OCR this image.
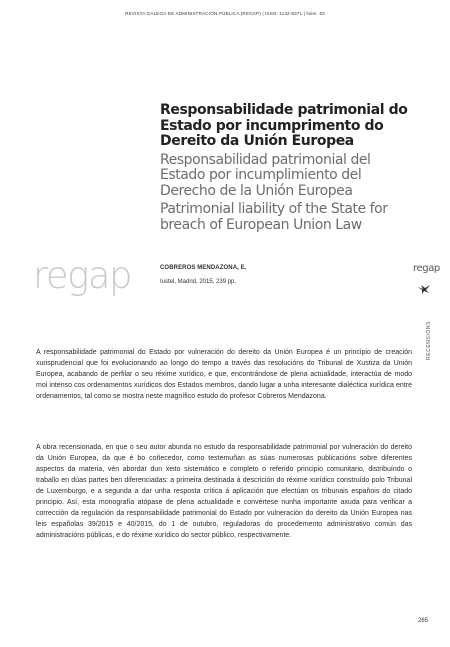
REVISTA GALEGA DE ADMINISTRACIÓN PÚBLICA (REGAP) | ISSN: 1132-8371 | Núm. 53
Responsabilidade patrimonial do Estado por incumprimento do Dereito da Unión Europea
Responsabilidad patrimonial del Estado por incumplimiento del Derecho de la Unión Europea
Patrimonial liability of the State for breach of European Union Law
regap	COBREROS MENDAZONA, E.
Iustel, Madrid, 2015, 239 pp.
regap
RECENSIÓNS
A responsabilidade patrimonial do Estado por vulneración do dereito da Unión Europea é un principio de creación xurisprudencial que foi evolucionando ao longo do tempo a través das resolucións do Tribunal de Xustiza da Unión Europea, acabando de perfilar o seu réxime xurídico, e que, encontrándose de plena actualidade, interactúa de modo moi intenso cos ordenamentos xurídicos dos Estados membros, dando lugar a unha interesante dialéctica xurídica entre ordenamentos, tal como se mostra neste magnífico estudo do profesor Cobreros Mendazona.
A obra recensionada, en que o seu autor abunda no estudo da responsabilidade patrimonial por vulneración do dereito da Unión Europea, da que é bo coñecedor, como testemuñan as súas numerosas publicacións sobre diferentes aspectos da materia, vén abordar dun xeito sistemático e completo o referido principio comunitario, distribuíndo o traballo en dúas partes ben diferenciadas: a primeira destinada á descrición do réxime xurídico construído polo Tribunal de Luxemburgo, e a segunda a dar unha resposta crítica á aplicación que efectúan os tribunais españois do citado principio. Así, esta monografía atópase de plena actualidade e convértese nunha importante axuda para verificar a corrección da regulación da responsabilidade patrimonial do Estado por vulneración do dereito da Unión Europea nas leis españolas 39/2015 e 40/2015, do 1 de outubro, reguladoras do procedemento administrativo común das administracións públicas, e do réxime xurídico do sector público, respectivamente.
265
